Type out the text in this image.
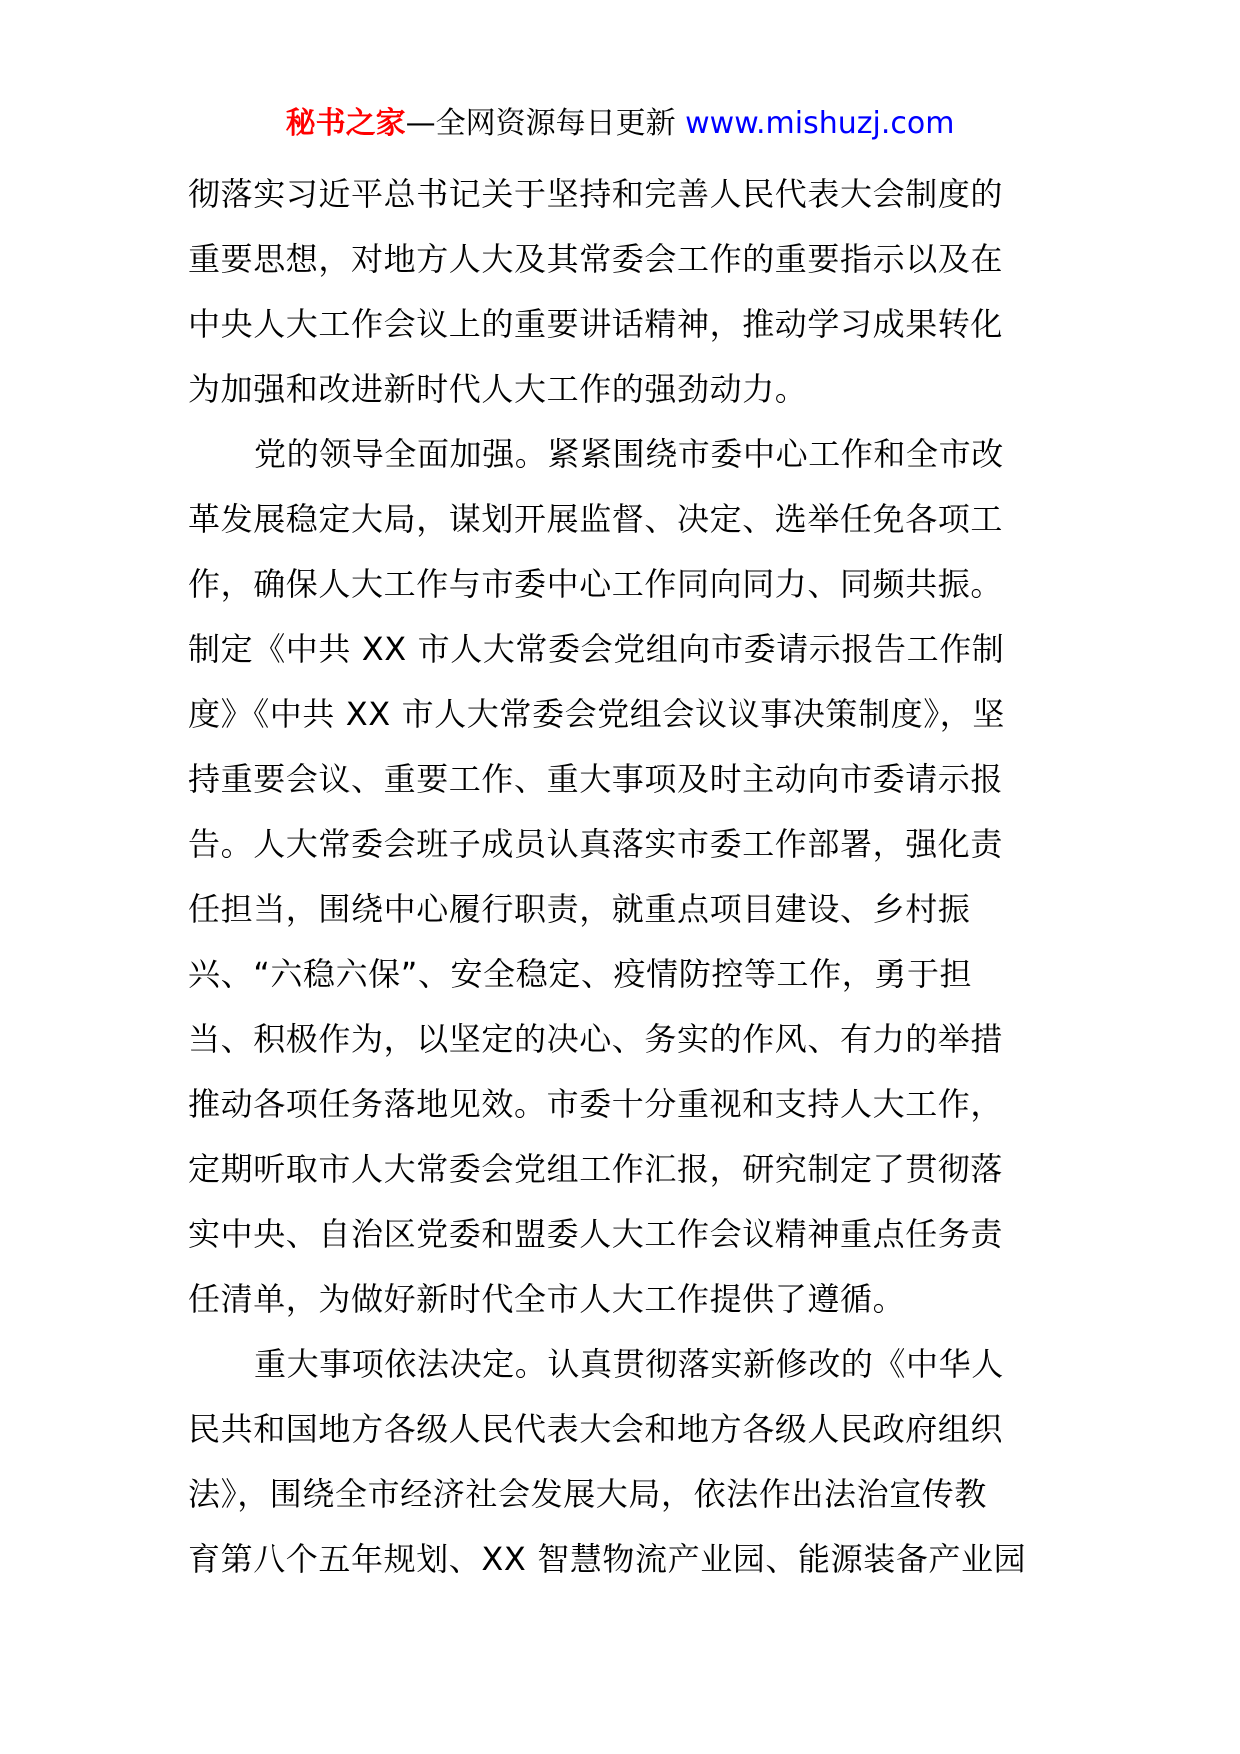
秘书之家—全网资源每日更新 www.mishuzj.com
彻落实习近平总书记关于坚持和完善人民代表大会制度的
重要思想，对地方人大及其常委会工作的重要指示以及在
中央人大工作会议上的重要讲话精神，推动学习成果转化
为加强和改进新时代人大工作的强劲动力。
党的领导全面加强。紧紧围绕市委中心工作和全市改
革发展稳定大局，谋划开展监督、决定、选举任免各项工
作，确保人大工作与市委中心工作同向同力、同频共振。
制定《中共 XX 市人大常委会党组向市委请示报告工作制
度》《中共 XX 市人大常委会党组会议议事决策制度》，坚
持重要会议、重要工作、重大事项及时主动向市委请示报
告。人大常委会班子成员认真落实市委工作部署，强化责
任担当，围绕中心履行职责，就重点项目建设、乡村振
兴、“六稳六保”、安全稳定、疫情防控等工作，勇于担
当、积极作为，以坚定的决心、务实的作风、有力的举措
推动各项任务落地见效。市委十分重视和支持人大工作，
定期听取市人大常委会党组工作汇报，研究制定了贯彻落
实中央、自治区党委和盟委人大工作会议精神重点任务责
任清单，为做好新时代全市人大工作提供了遵循。
重大事项依法决定。认真贯彻落实新修改的《中华人
民共和国地方各级人民代表大会和地方各级人民政府组织
法》，围绕全市经济社会发展大局，依法作出法治宣传教
育第八个五年规划、XX 智慧物流产业园、能源装备产业园
